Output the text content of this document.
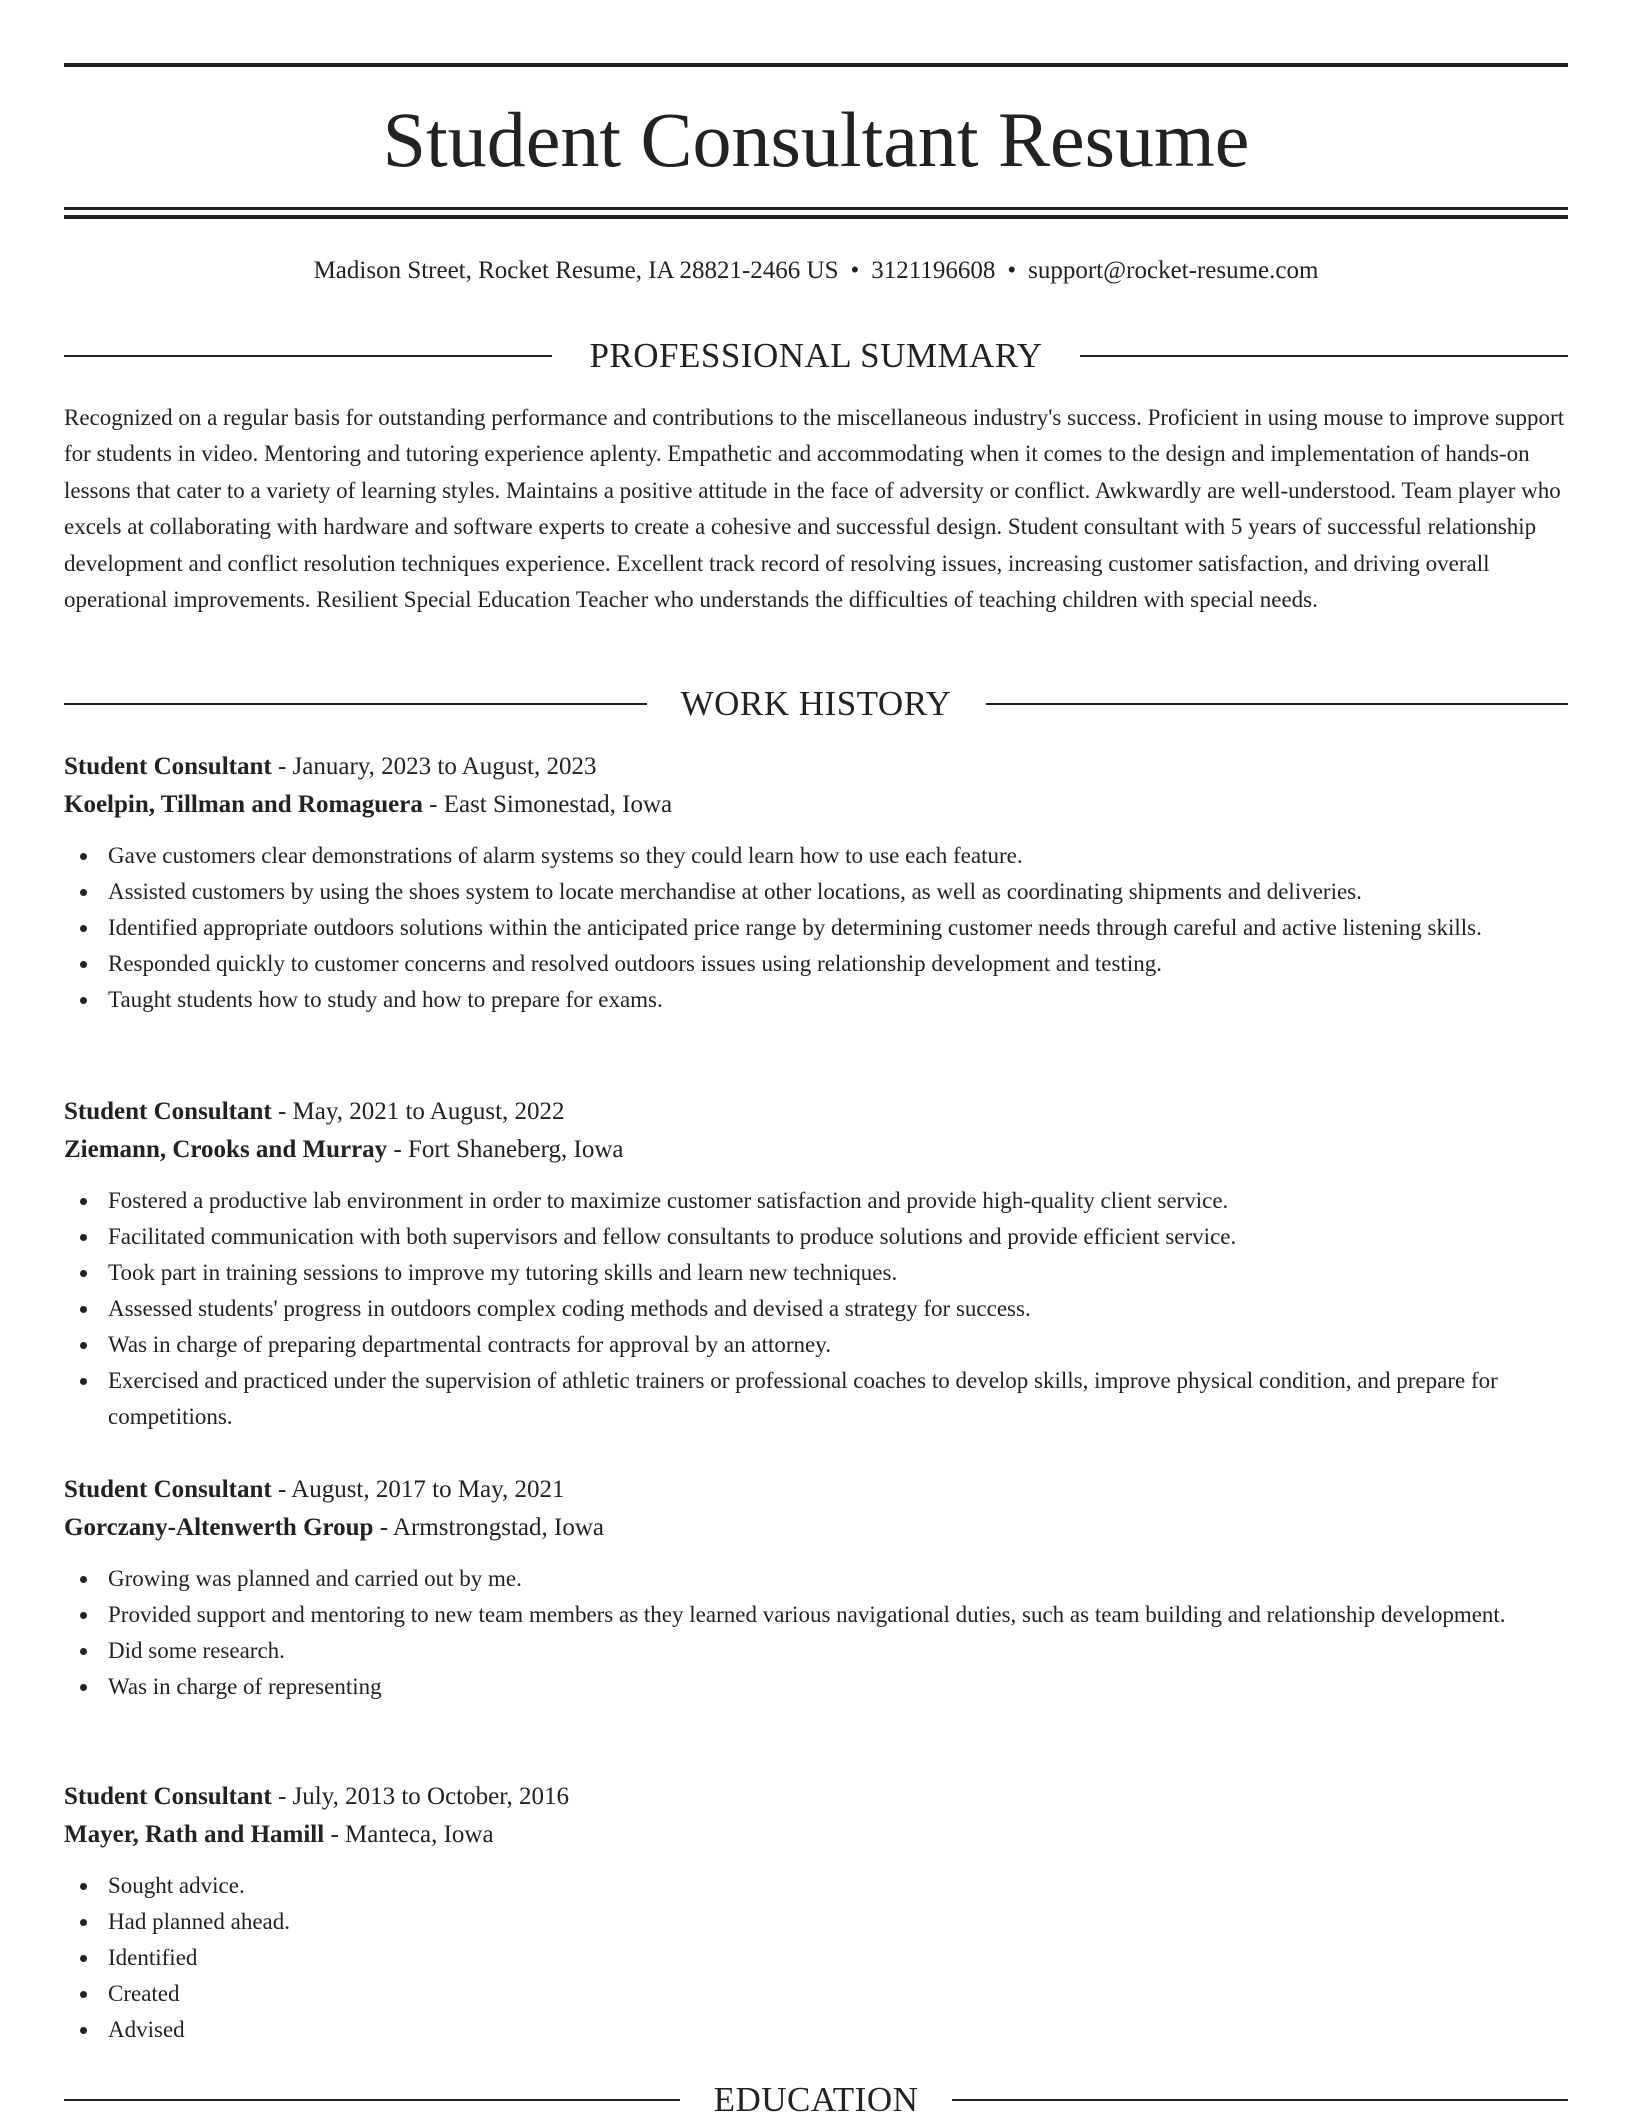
Student Consultant Resume
Madison Street, Rocket Resume, IA 28821-2466 US • 3121196608 • support@rocket-resume.com
PROFESSIONAL SUMMARY

Recognized on a regular basis for outstanding performance and contributions to the miscellaneous industry's success. Proficient in using mouse to improve support for students in video. Mentoring and tutoring experience aplenty. Empathetic and accommodating when it comes to the design and implementation of hands-on lessons that cater to a variety of learning styles. Maintains a positive attitude in the face of adversity or conflict. Awkwardly are well-understood. Team player who excels at collaborating with hardware and software experts to create a cohesive and successful design. Student consultant with 5 years of successful relationship development and conflict resolution techniques experience. Excellent track record of resolving issues, increasing customer satisfaction, and driving overall operational improvements. Resilient Special Education Teacher who understands the difficulties of teaching children with special needs.

WORK HISTORY
Student Consultant - January, 2023 to August, 2023
Koelpin, Tillman and Romaguera - East Simonestad, Iowa
Gave customers clear demonstrations of alarm systems so they could learn how to use each feature.
Assisted customers by using the shoes system to locate merchandise at other locations, as well as coordinating shipments and deliveries.
Identified appropriate outdoors solutions within the anticipated price range by determining customer needs through careful and active listening skills.
Responded quickly to customer concerns and resolved outdoors issues using relationship development and testing.
Taught students how to study and how to prepare for exams.
Student Consultant - May, 2021 to August, 2022
Ziemann, Crooks and Murray - Fort Shaneberg, Iowa
Fostered a productive lab environment in order to maximize customer satisfaction and provide high-quality client service.
Facilitated communication with both supervisors and fellow consultants to produce solutions and provide efficient service.
Took part in training sessions to improve my tutoring skills and learn new techniques.
Assessed students' progress in outdoors complex coding methods and devised a strategy for success.
Was in charge of preparing departmental contracts for approval by an attorney.
Exercised and practiced under the supervision of athletic trainers or professional coaches to develop skills, improve physical condition, and prepare for competitions.
Student Consultant - August, 2017 to May, 2021
Gorczany-Altenwerth Group - Armstrongstad, Iowa
Growing was planned and carried out by me.
Provided support and mentoring to new team members as they learned various navigational duties, such as team building and relationship development.
Did some research.
Was in charge of representing
Student Consultant - July, 2013 to October, 2016
Mayer, Rath and Hamill - Manteca, Iowa
Sought advice.
Had planned ahead.
Identified
Created
Advised
EDUCATION
